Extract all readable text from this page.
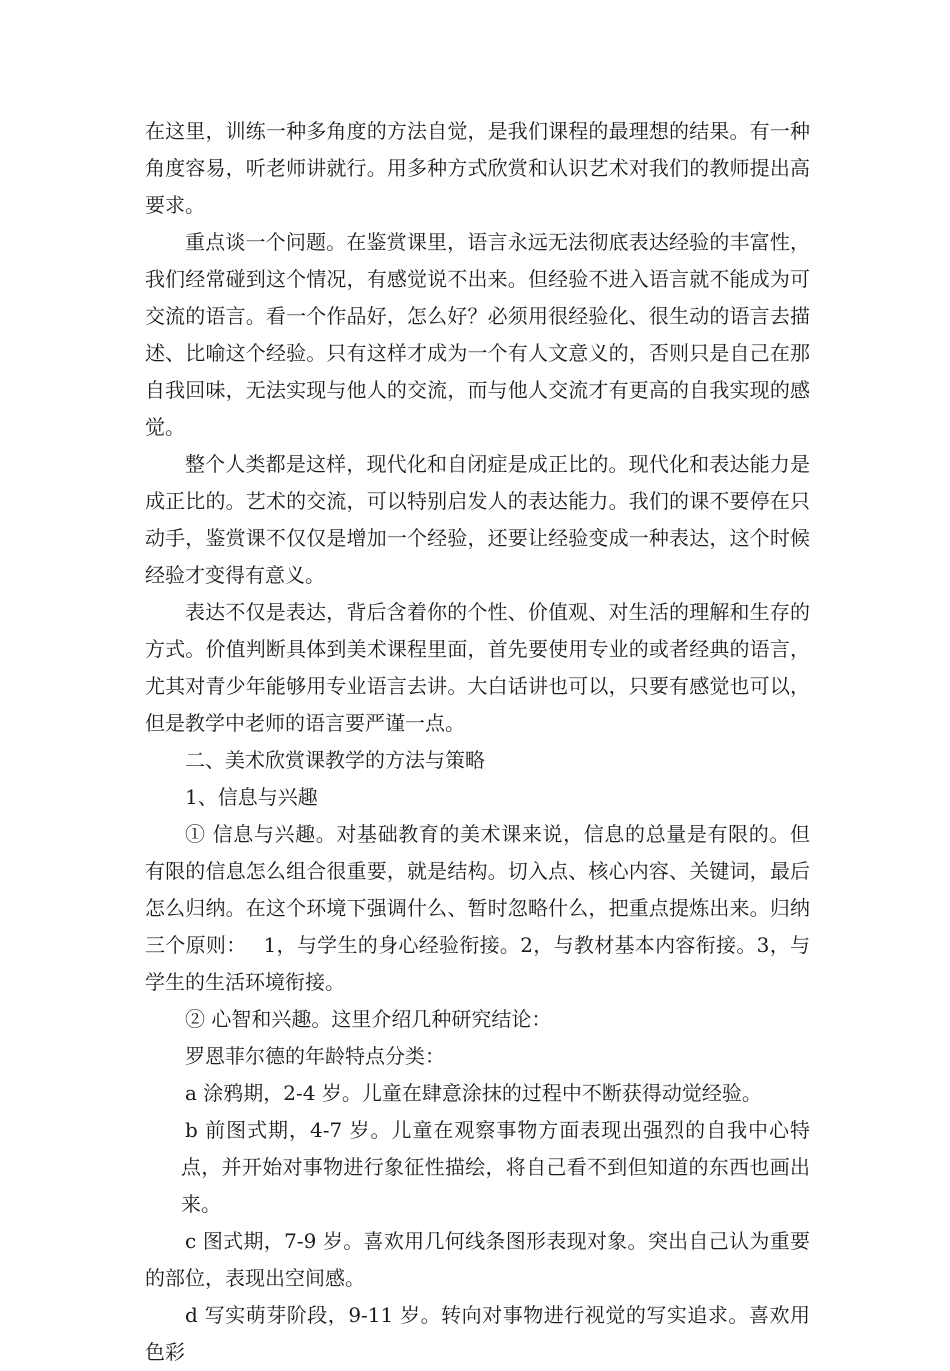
在这里，训练一种多角度的方法自觉，是我们课程的最理想的结果。有一种角度容易，听老师讲就行。用多种方式欣赏和认识艺术对我们的教师提出高要求。

重点谈一个问题。在鉴赏课里，语言永远无法彻底表达经验的丰富性，我们经常碰到这个情况，有感觉说不出来。但经验不进入语言就不能成为可交流的语言。看一个作品好，怎么好？必须用很经验化、很生动的语言去描述、比喻这个经验。只有这样才成为一个有人文意义的，否则只是自己在那自我回味，无法实现与他人的交流，而与他人交流才有更高的自我实现的感觉。

整个人类都是这样，现代化和自闭症是成正比的。现代化和表达能力是成正比的。艺术的交流，可以特别启发人的表达能力。我们的课不要停在只动手，鉴赏课不仅仅是增加一个经验，还要让经验变成一种表达，这个时候经验才变得有意义。

表达不仅是表达，背后含着你的个性、价值观、对生活的理解和生存的方式。价值判断具体到美术课程里面，首先要使用专业的或者经典的语言，尤其对青少年能够用专业语言去讲。大白话讲也可以，只要有感觉也可以，但是教学中老师的语言要严谨一点。

二、美术欣赏课教学的方法与策略

1、信息与兴趣

① 信息与兴趣。对基础教育的美术课来说，信息的总量是有限的。但有限的信息怎么组合很重要，就是结构。切入点、核心内容、关键词，最后怎么归纳。在这个环境下强调什么、暂时忽略什么，把重点提炼出来。归纳三个原则：　 1，与学生的身心经验衔接。2，与教材基本内容衔接。3，与学生的生活环境衔接。

② 心智和兴趣。这里介绍几种研究结论：

罗恩菲尔德的年龄特点分类：

a 涂鸦期，2-4 岁。儿童在肆意涂抹的过程中不断获得动觉经验。

b 前图式期，4-7 岁。儿童在观察事物方面表现出强烈的自我中心特点，并开始对事物进行象征性描绘，将自己看不到但知道的东西也画出来。

c 图式期，7-9 岁。喜欢用几何线条图形表现对象。突出自己认为重要的部位，表现出空间感。

d 写实萌芽阶段，9-11 岁。转向对事物进行视觉的写实追求。喜欢用色彩
